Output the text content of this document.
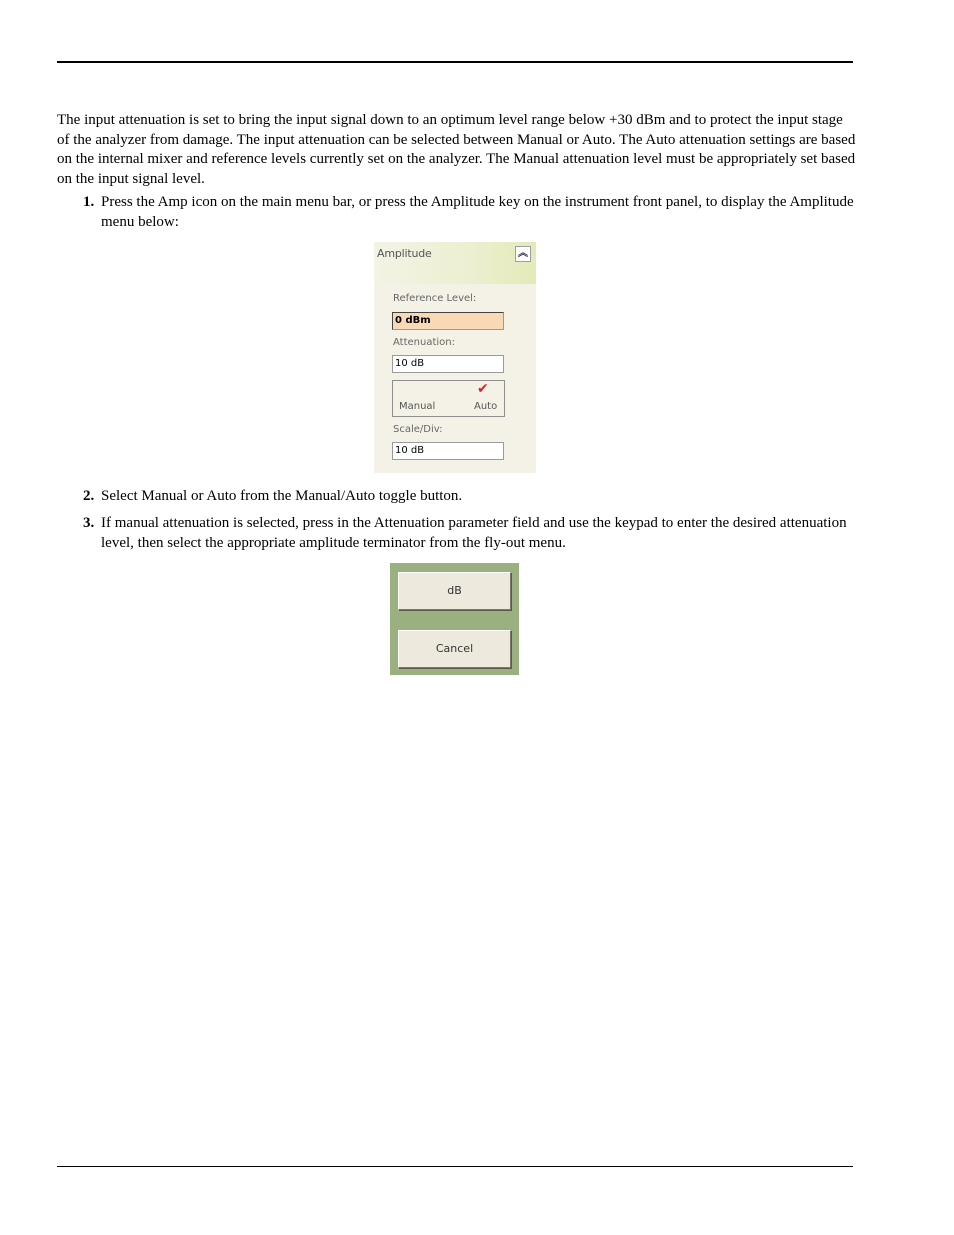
The input attenuation is set to bring the input signal down to an optimum level range below +30 dBm and to protect the input stage of the analyzer from damage. The input attenuation can be selected between Manual or Auto. The Auto attenuation settings are based on the internal mixer and reference levels currently set on the analyzer. The Manual attenuation level must be appropriately set based on the input signal level.

1. Press the Amp icon on the main menu bar, or press the Amplitude key on the instrument front panel, to display the Amplitude menu below:
Amplitude	︽
Reference Level:
0 dBm
Attenuation:
10 dB
✔
Manual	Auto
Scale/Div:
10 dB
2. Select Manual or Auto from the Manual/Auto toggle button.
3. If manual attenuation is selected, press in the Attenuation parameter field and use the keypad to enter the desired attenuation level, then select the appropriate amplitude terminator from the fly-out menu.
dB
Cancel
